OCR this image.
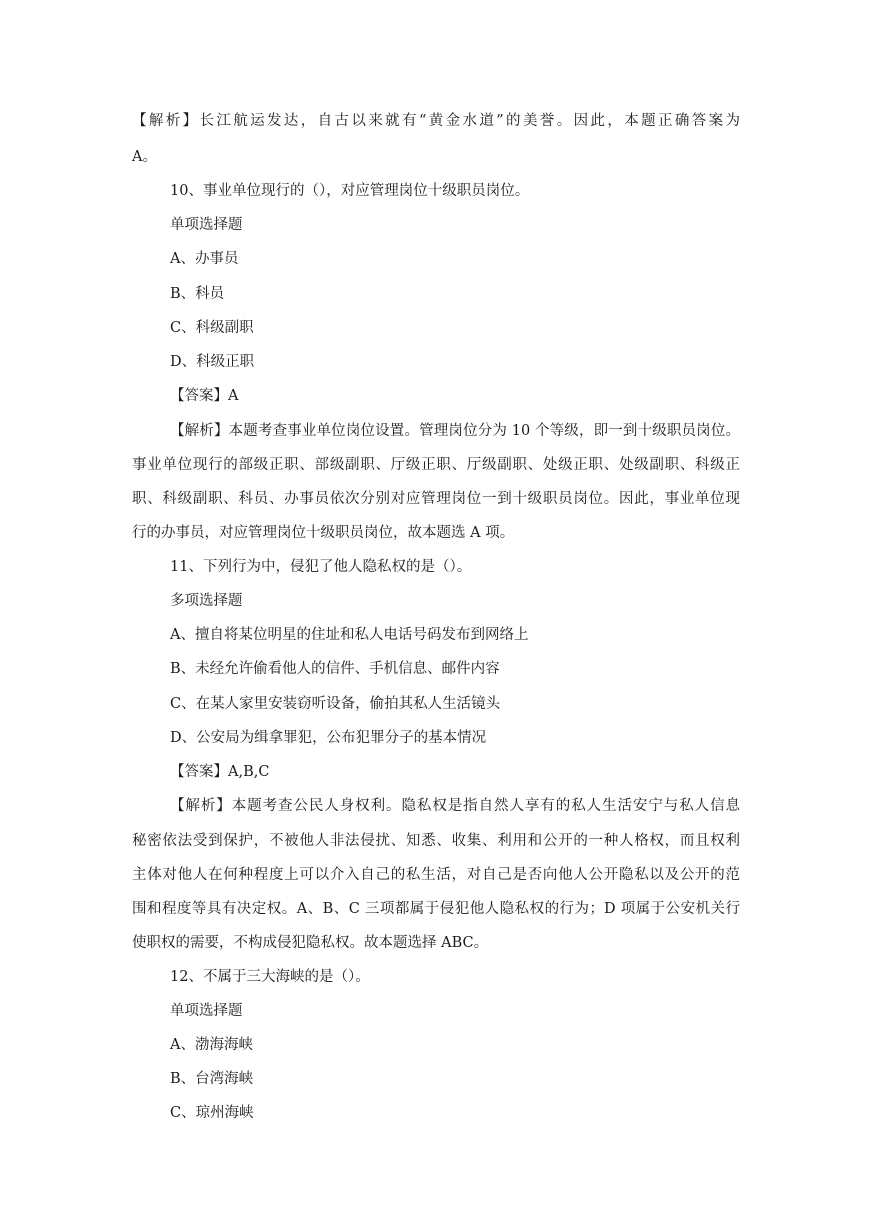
【解析】长江航运发达，自古以来就有“黄金水道”的美誉。因此，本题正确答案为
A。
10、事业单位现行的（），对应管理岗位十级职员岗位。
单项选择题
A、办事员
B、科员
C、科级副职
D、科级正职
【答案】A
【解析】本题考查事业单位岗位设置。管理岗位分为 10 个等级，即一到十级职员岗位。
事业单位现行的部级正职、部级副职、厅级正职、厅级副职、处级正职、处级副职、科级正
职、科级副职、科员、办事员依次分别对应管理岗位一到十级职员岗位。因此，事业单位现
行的办事员，对应管理岗位十级职员岗位，故本题选 A 项。
11、下列行为中，侵犯了他人隐私权的是（）。
多项选择题
A、擅自将某位明星的住址和私人电话号码发布到网络上
B、未经允许偷看他人的信件、手机信息、邮件内容
C、在某人家里安装窃听设备，偷拍其私人生活镜头
D、公安局为缉拿罪犯，公布犯罪分子的基本情况
【答案】A,B,C
【解析】本题考查公民人身权利。隐私权是指自然人享有的私人生活安宁与私人信息
秘密依法受到保护，不被他人非法侵扰、知悉、收集、利用和公开的一种人格权，而且权利
主体对他人在何种程度上可以介入自己的私生活，对自己是否向他人公开隐私以及公开的范
围和程度等具有决定权。A、B、C 三项都属于侵犯他人隐私权的行为；D 项属于公安机关行
使职权的需要，不构成侵犯隐私权。故本题选择 ABC。
12、不属于三大海峡的是（）。
单项选择题
A、渤海海峡
B、台湾海峡
C、琼州海峡
